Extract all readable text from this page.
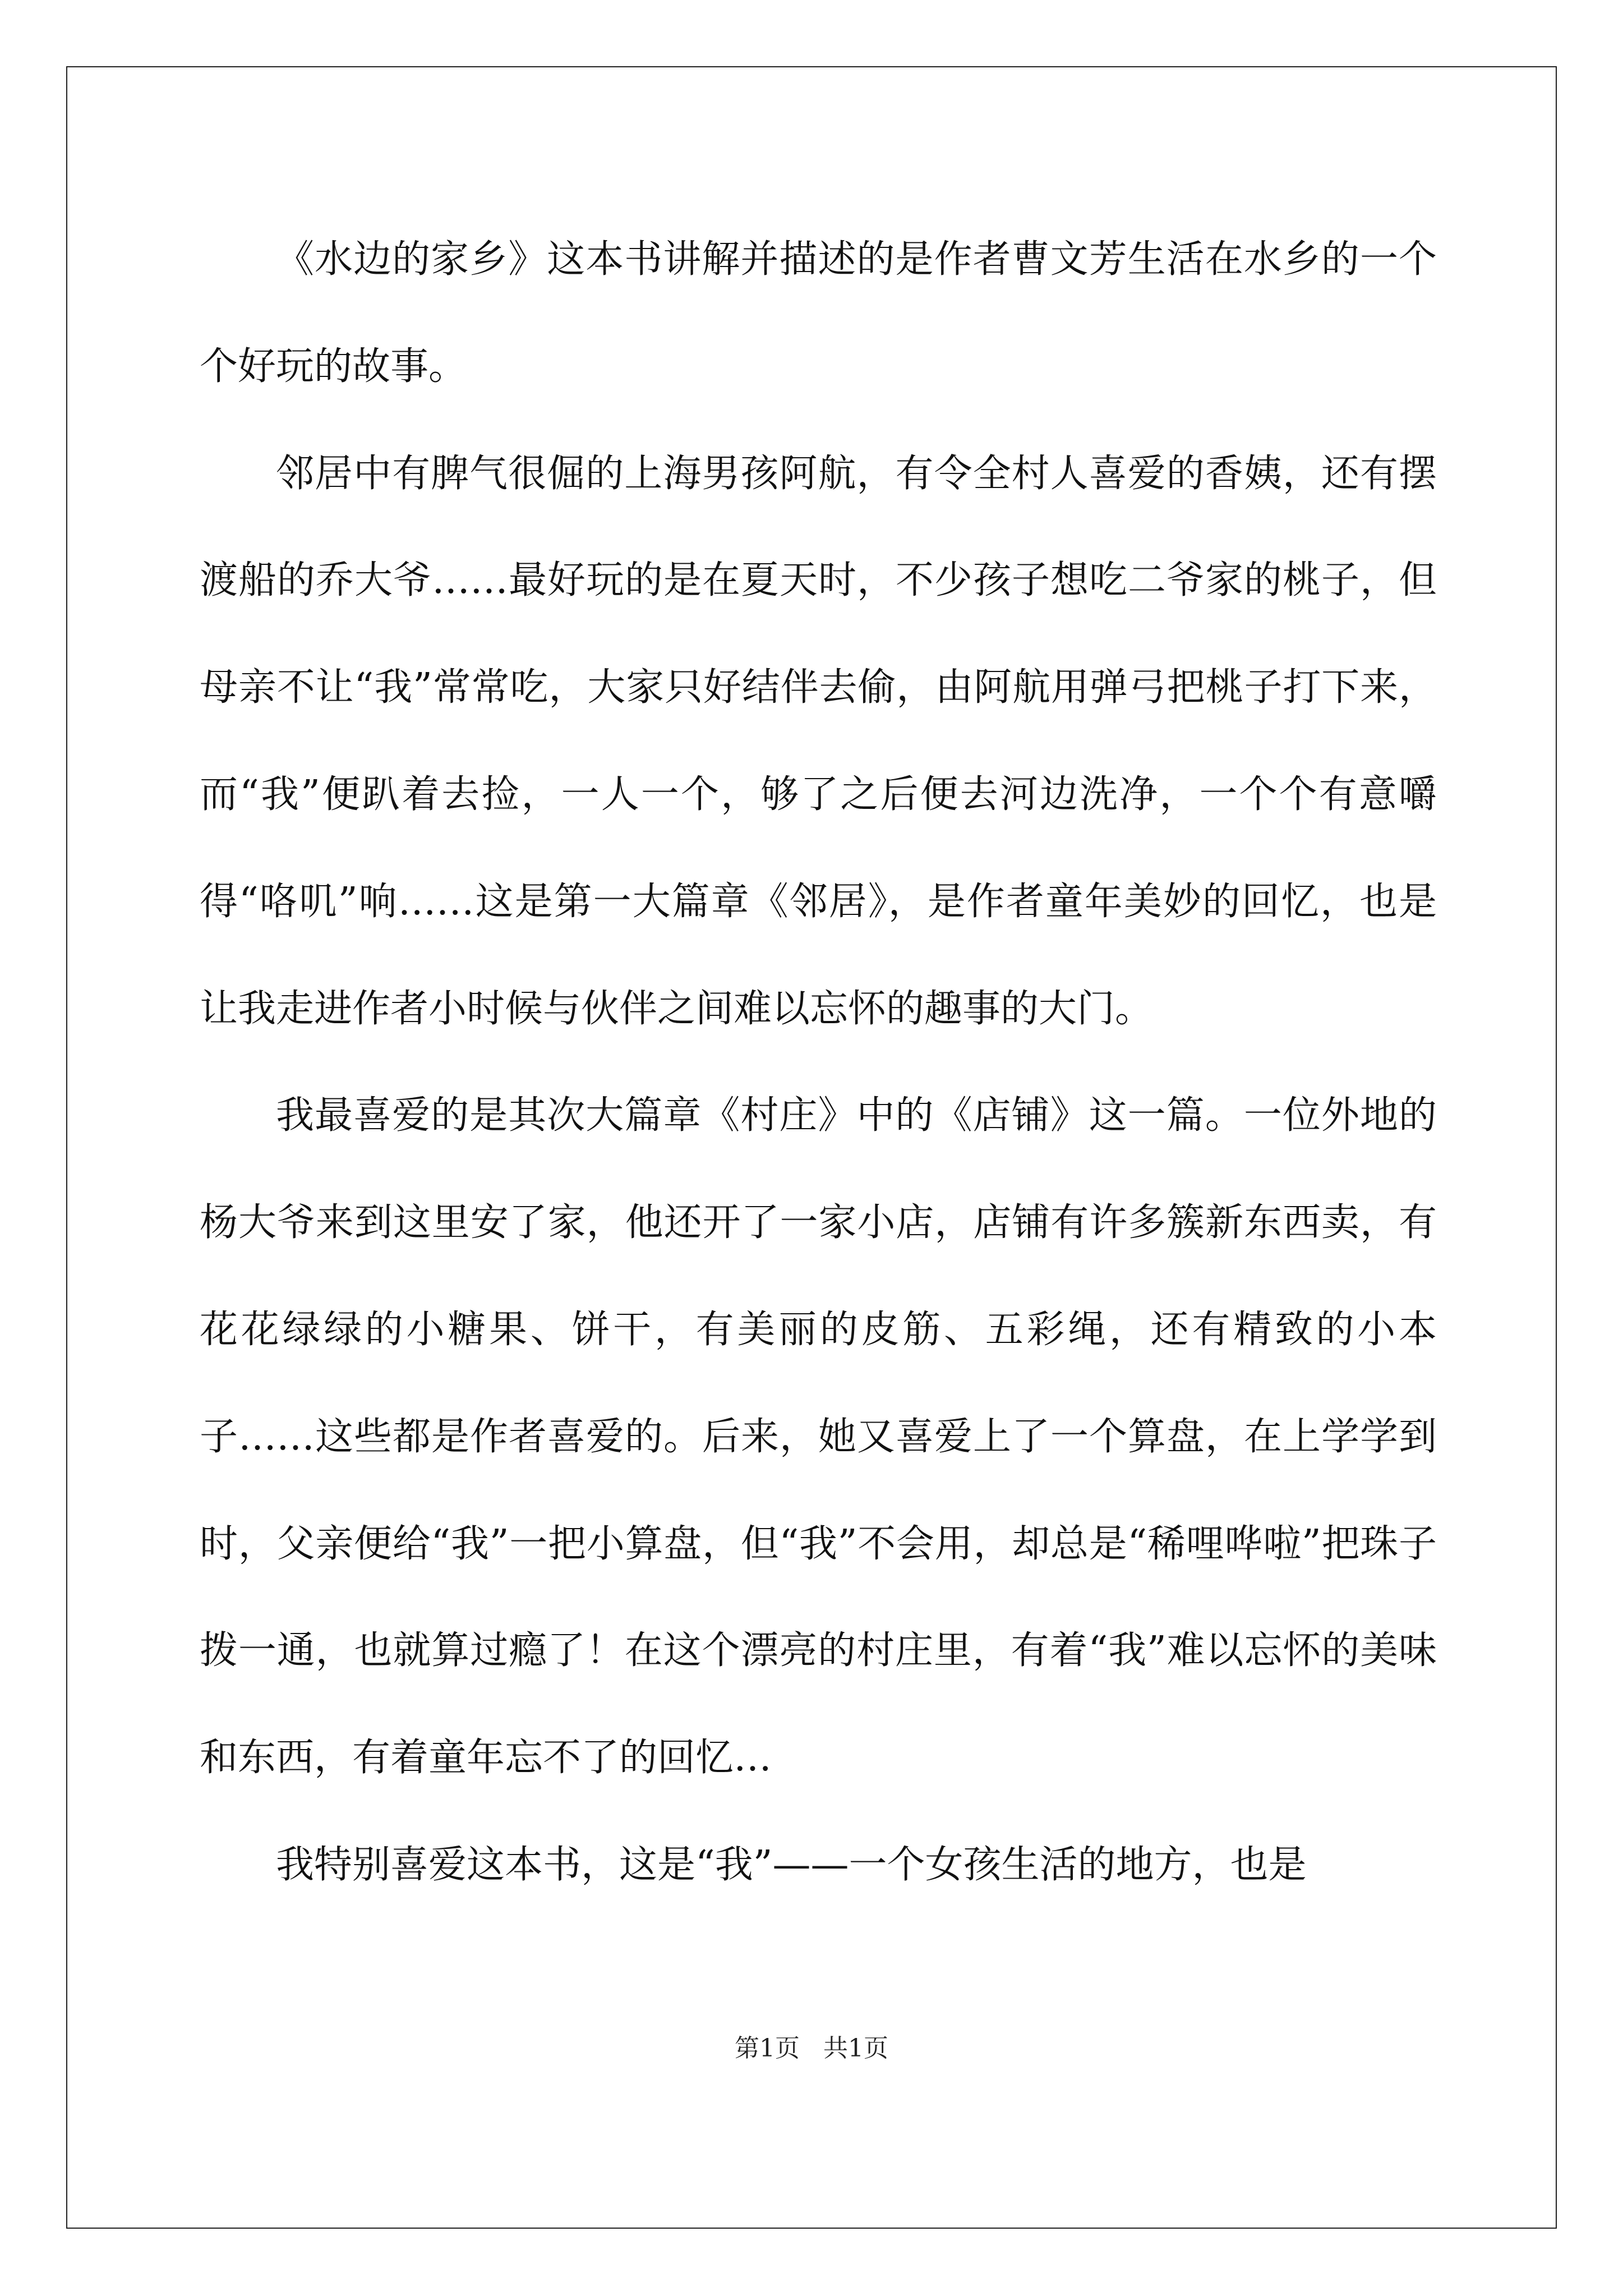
《水边的家乡》这本书讲解并描述的是作者曹文芳生活在水乡的一个个好玩的故事。

邻居中有脾气很倔的上海男孩阿航，有令全村人喜爱的香姨，还有摆渡船的乔大爷……最好玩的是在夏天时，不少孩子想吃二爷家的桃子，但母亲不让“我”常常吃，大家只好结伴去偷，由阿航用弹弓把桃子打下来，而“我”便趴着去捡，一人一个，够了之后便去河边洗净，一个个有意嚼得“咯叽”响……这是第一大篇章《邻居》，是作者童年美妙的回忆，也是让我走进作者小时候与伙伴之间难以忘怀的趣事的大门。

我最喜爱的是其次大篇章《村庄》中的《店铺》这一篇。一位外地的杨大爷来到这里安了家，他还开了一家小店，店铺有许多簇新东西卖，有花花绿绿的小糖果、饼干，有美丽的皮筋、五彩绳，还有精致的小本子……这些都是作者喜爱的。后来，她又喜爱上了一个算盘，在上学学到时，父亲便给“我”一把小算盘，但“我”不会用，却总是“稀哩哗啦”把珠子拨一通，也就算过瘾了！在这个漂亮的村庄里，有着“我”难以忘怀的美味和东西，有着童年忘不了的回忆…

我特别喜爱这本书，这是“我”——一个女孩生活的地方，也是

第1页   共1页
